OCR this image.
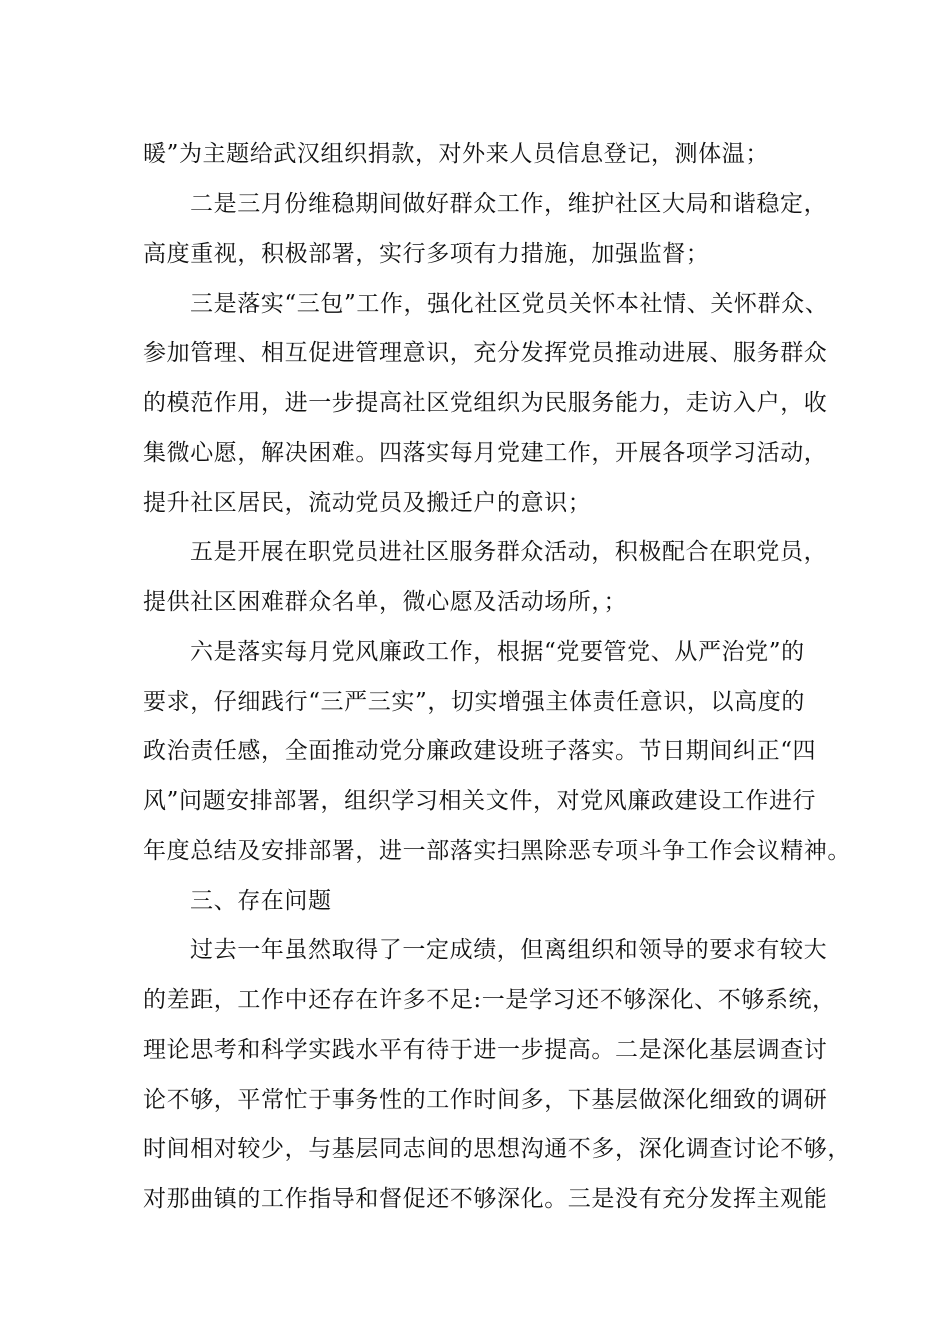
暖”为主题给武汉组织捐款，对外来人员信息登记，测体温；
二是三月份维稳期间做好群众工作，维护社区大局和谐稳定，
高度重视，积极部署，实行多项有力措施，加强监督；
三是落实“三包”工作，强化社区党员关怀本社情、关怀群众、
参加管理、相互促进管理意识，充分发挥党员推动进展、服务群众
的模范作用，进一步提高社区党组织为民服务能力，走访入户，收
集微心愿，解决困难。四落实每月党建工作，开展各项学习活动，
提升社区居民，流动党员及搬迁户的意识；
五是开展在职党员进社区服务群众活动，积极配合在职党员，
提供社区困难群众名单，微心愿及活动场所，；
六是落实每月党风廉政工作，根据“党要管党、从严治党”的
要求，仔细践行“三严三实”，切实增强主体责任意识，以高度的
政治责任感，全面推动党分廉政建设班子落实。节日期间纠正“四
风”问题安排部署，组织学习相关文件，对党风廉政建设工作进行
年度总结及安排部署，进一部落实扫黑除恶专项斗争工作会议精神。
三、存在问题
过去一年虽然取得了一定成绩，但离组织和领导的要求有较大
的差距，工作中还存在许多不足:一是学习还不够深化、不够系统，
理论思考和科学实践水平有待于进一步提高。二是深化基层调查讨
论不够，平常忙于事务性的工作时间多，下基层做深化细致的调研
时间相对较少，与基层同志间的思想沟通不多，深化调查讨论不够，
对那曲镇的工作指导和督促还不够深化。三是没有充分发挥主观能
